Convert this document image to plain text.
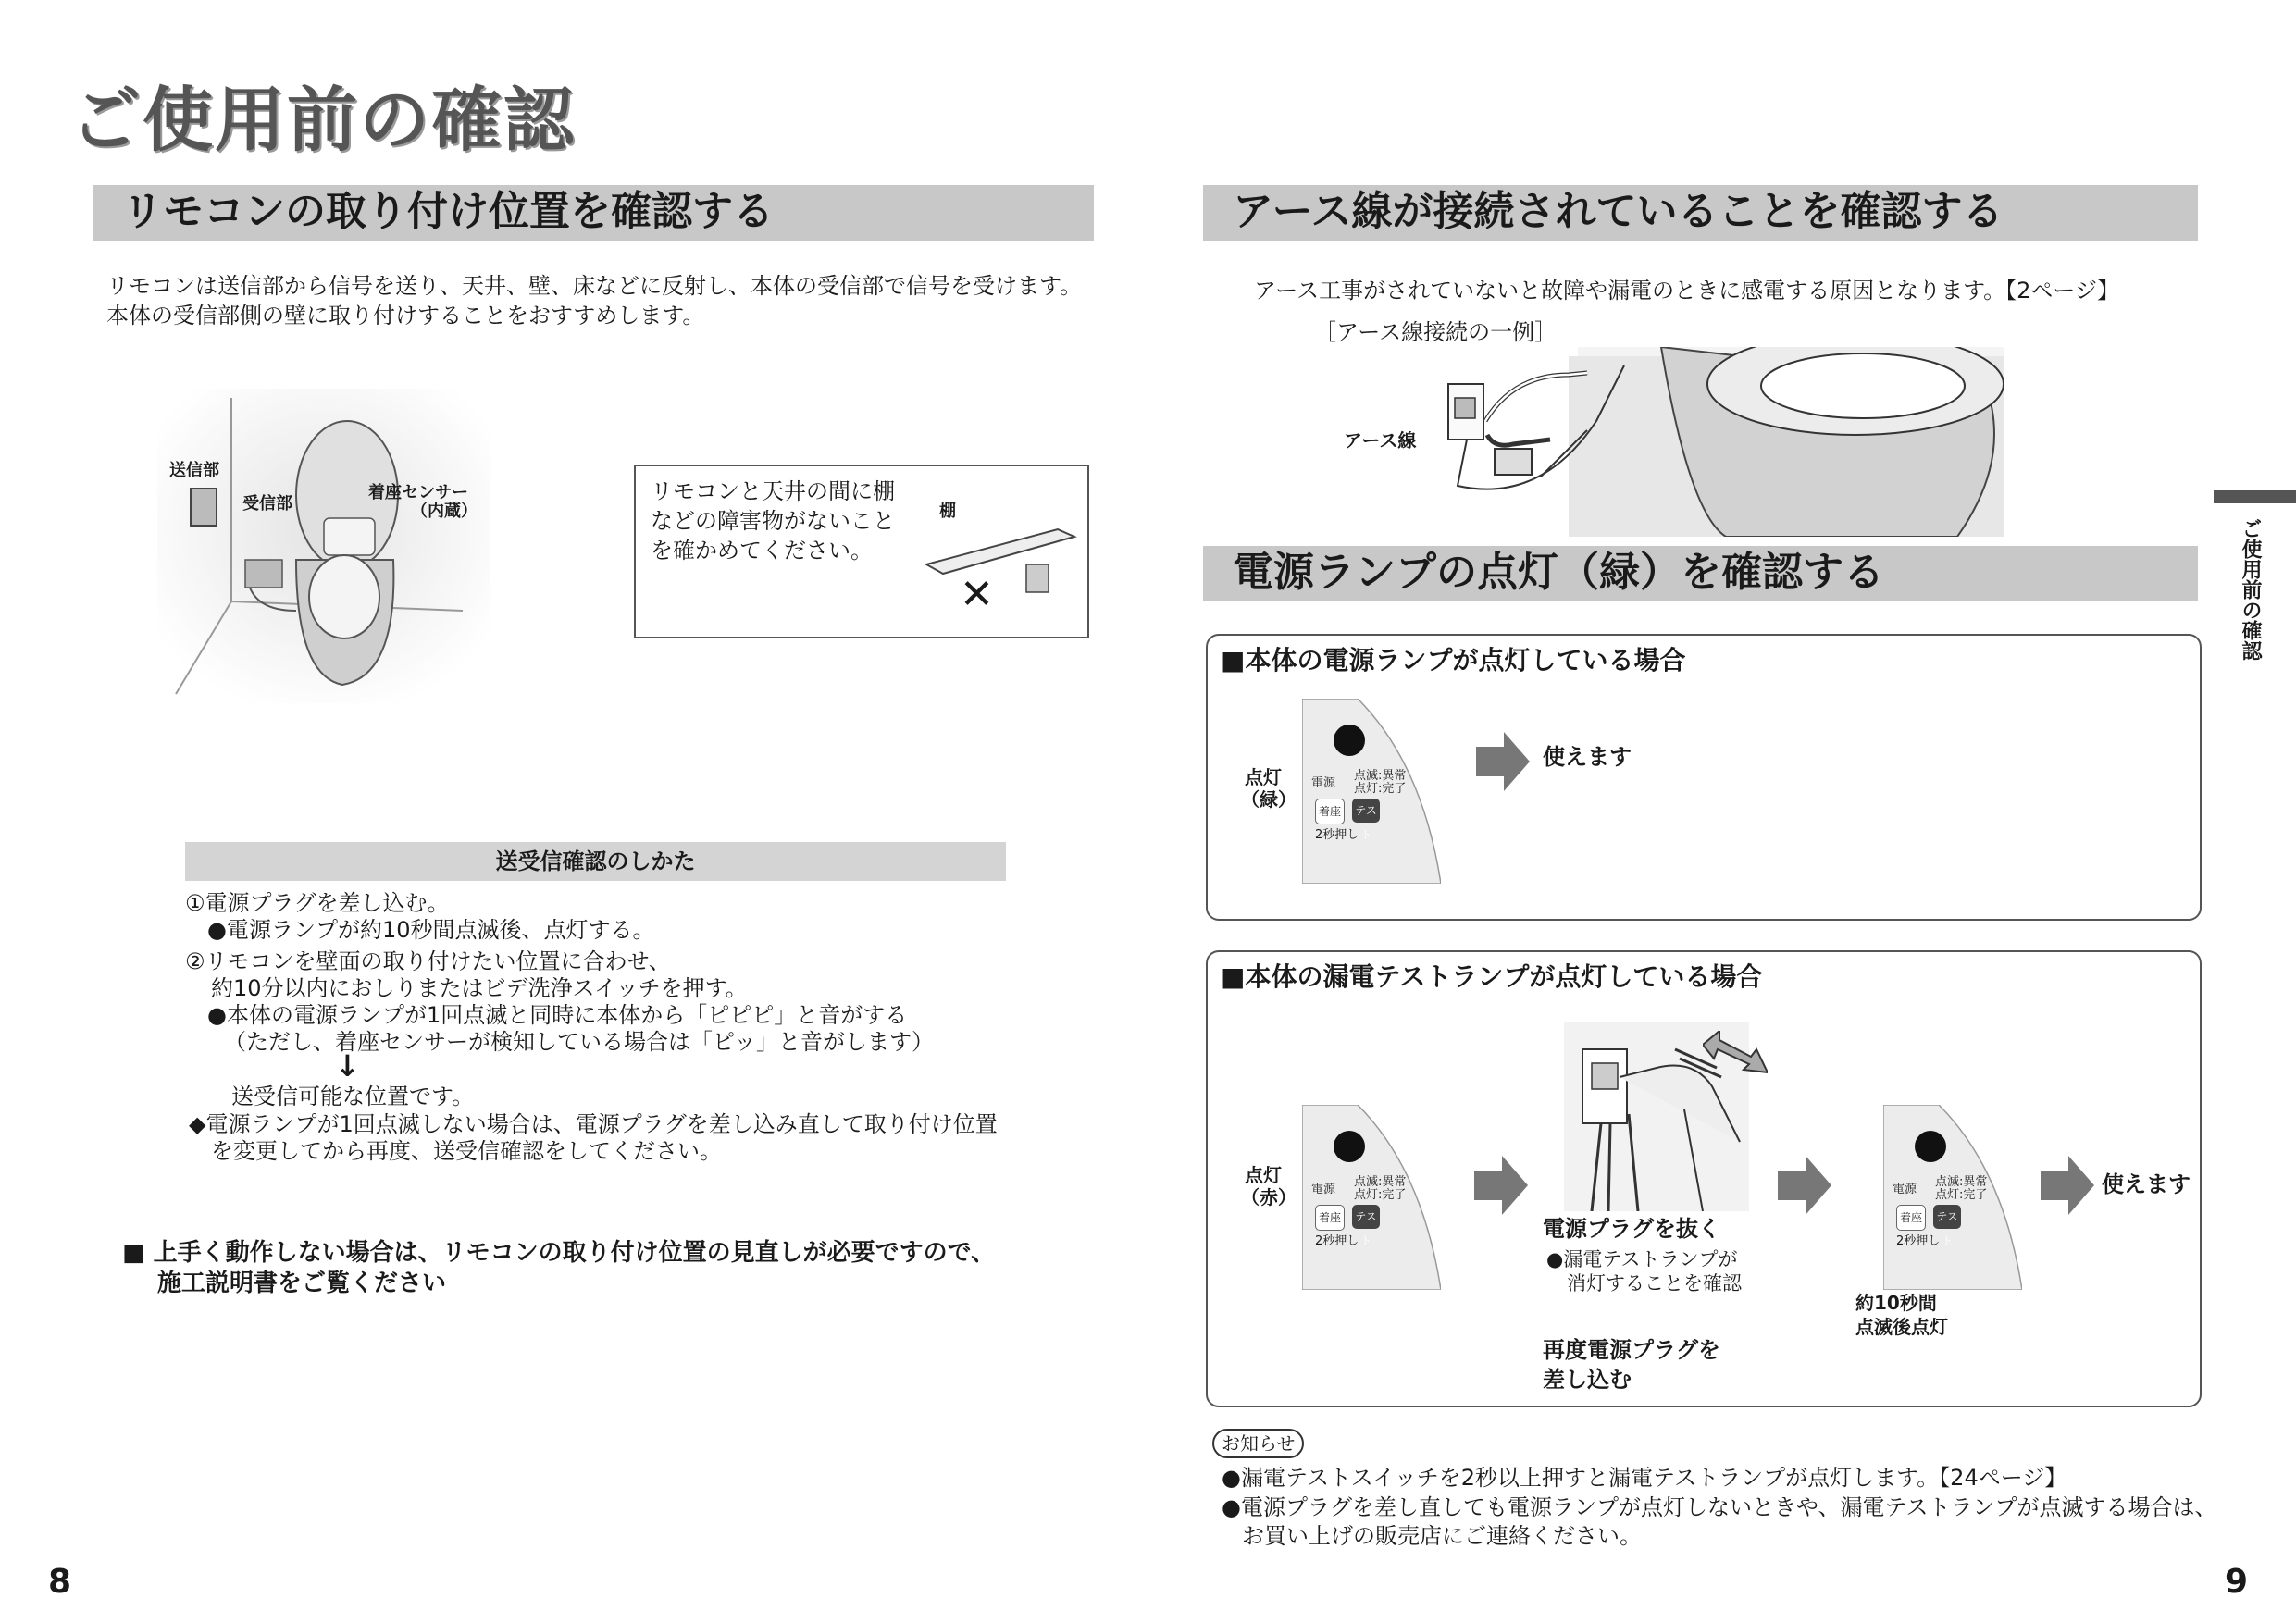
ご使用前の確認
リモコンの取り付け位置を確認する
リモコンは送信部から信号を送り、天井、壁、床などに反射し、本体の受信部で信号を受けます。
本体の受信部側の壁に取り付けすることをおすすめします。
送信部
受信部
着座センサー
（内蔵）
リモコンと天井の間に棚
などの障害物がないこと
を確かめてください。
棚
✕
送受信確認のしかた
①電源プラグを差し込む。
●電源ランプが約10秒間点滅後、点灯する。
②リモコンを壁面の取り付けたい位置に合わせ、
約10分以内におしりまたはビデ洗浄スイッチを押す。
●本体の電源ランプが1回点滅と同時に本体から「ピピピ」と音がする
（ただし、着座センサーが検知している場合は「ピッ」と音がします）
↓
送受信可能な位置です。
◆電源ランプが1回点滅しない場合は、電源プラグを差し込み直して取り付け位置
を変更してから再度、送受信確認をしてください。
■ 上手く動作しない場合は、リモコンの取り付け位置の見直しが必要ですので、
施工説明書をご覧ください
8
アース線が接続されていることを確認する
アース工事がされていないと故障や漏電のときに感電する原因となります。【2ページ】
［アース線接続の一例］
アース線
電源ランプの点灯（緑）を確認する
■本体の電源ランプが点灯している場合
点灯
（緑）
電源
点滅:異常
点灯:完了
着座	テスト
2秒押し
使えます
■本体の漏電テストランプが点灯している場合
点灯
（赤） 電源
点滅:異常
点灯:完了
着座	テスト
2秒押し	電源プラグを抜く
●漏電テストランプが
消灯することを確認
再度電源プラグを
差し込む
電源
点滅:異常
点灯:完了
着座	テスト
2秒押し
約10秒間
点滅後点灯
使えます
お知らせ
●漏電テストスイッチを2秒以上押すと漏電テストランプが点灯します。【24ページ】
●電源プラグを差し直しても電源ランプが点灯しないときや、漏電テストランプが点滅する場合は、
お買い上げの販売店にご連絡ください。
ご使用前の確認
9
